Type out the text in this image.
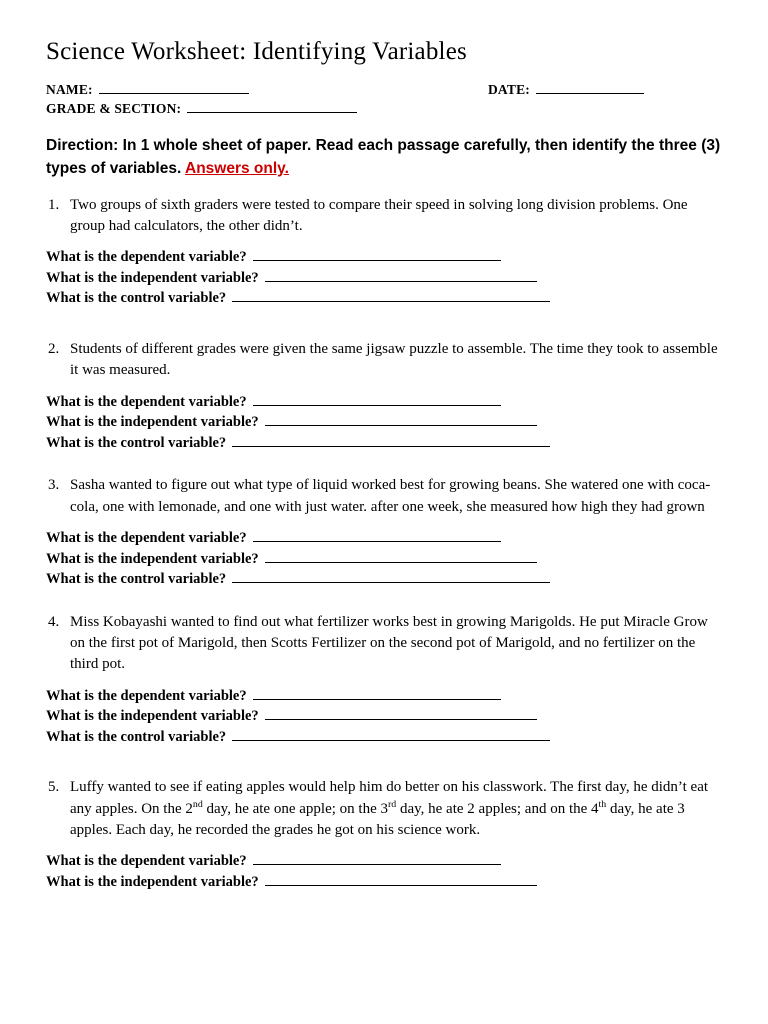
Science Worksheet: Identifying Variables
NAME:	DATE:
GRADE & SECTION:
Direction: In 1 whole sheet of paper. Read each passage carefully, then identify the three (3) types of variables. Answers only.
1. Two groups of sixth graders were tested to compare their speed in solving long division problems. One group had calculators, the other didn’t.
What is the dependent variable?
What is the independent variable?
What is the control variable?
2. Students of different grades were given the same jigsaw puzzle to assemble. The time they took to assemble it was measured.
What is the dependent variable?
What is the independent variable?
What is the control variable?
3. Sasha wanted to figure out what type of liquid worked best for growing beans. She watered one with coca-cola, one with lemonade, and one with just water. after one week, she measured how high they had grown
What is the dependent variable?
What is the independent variable?
What is the control variable?
4. Miss Kobayashi wanted to find out what fertilizer works best in growing Marigolds. He put Miracle Grow on the first pot of Marigold, then Scotts Fertilizer on the second pot of Marigold, and no fertilizer on the third pot.
What is the dependent variable?
What is the independent variable?
What is the control variable?
5. Luffy wanted to see if eating apples would help him do better on his classwork. The first day, he didn’t eat any apples. On the 2nd day, he ate one apple; on the 3rd day, he ate 2 apples; and on the 4th day, he ate 3 apples. Each day, he recorded the grades he got on his science work.
What is the dependent variable?
What is the independent variable?
